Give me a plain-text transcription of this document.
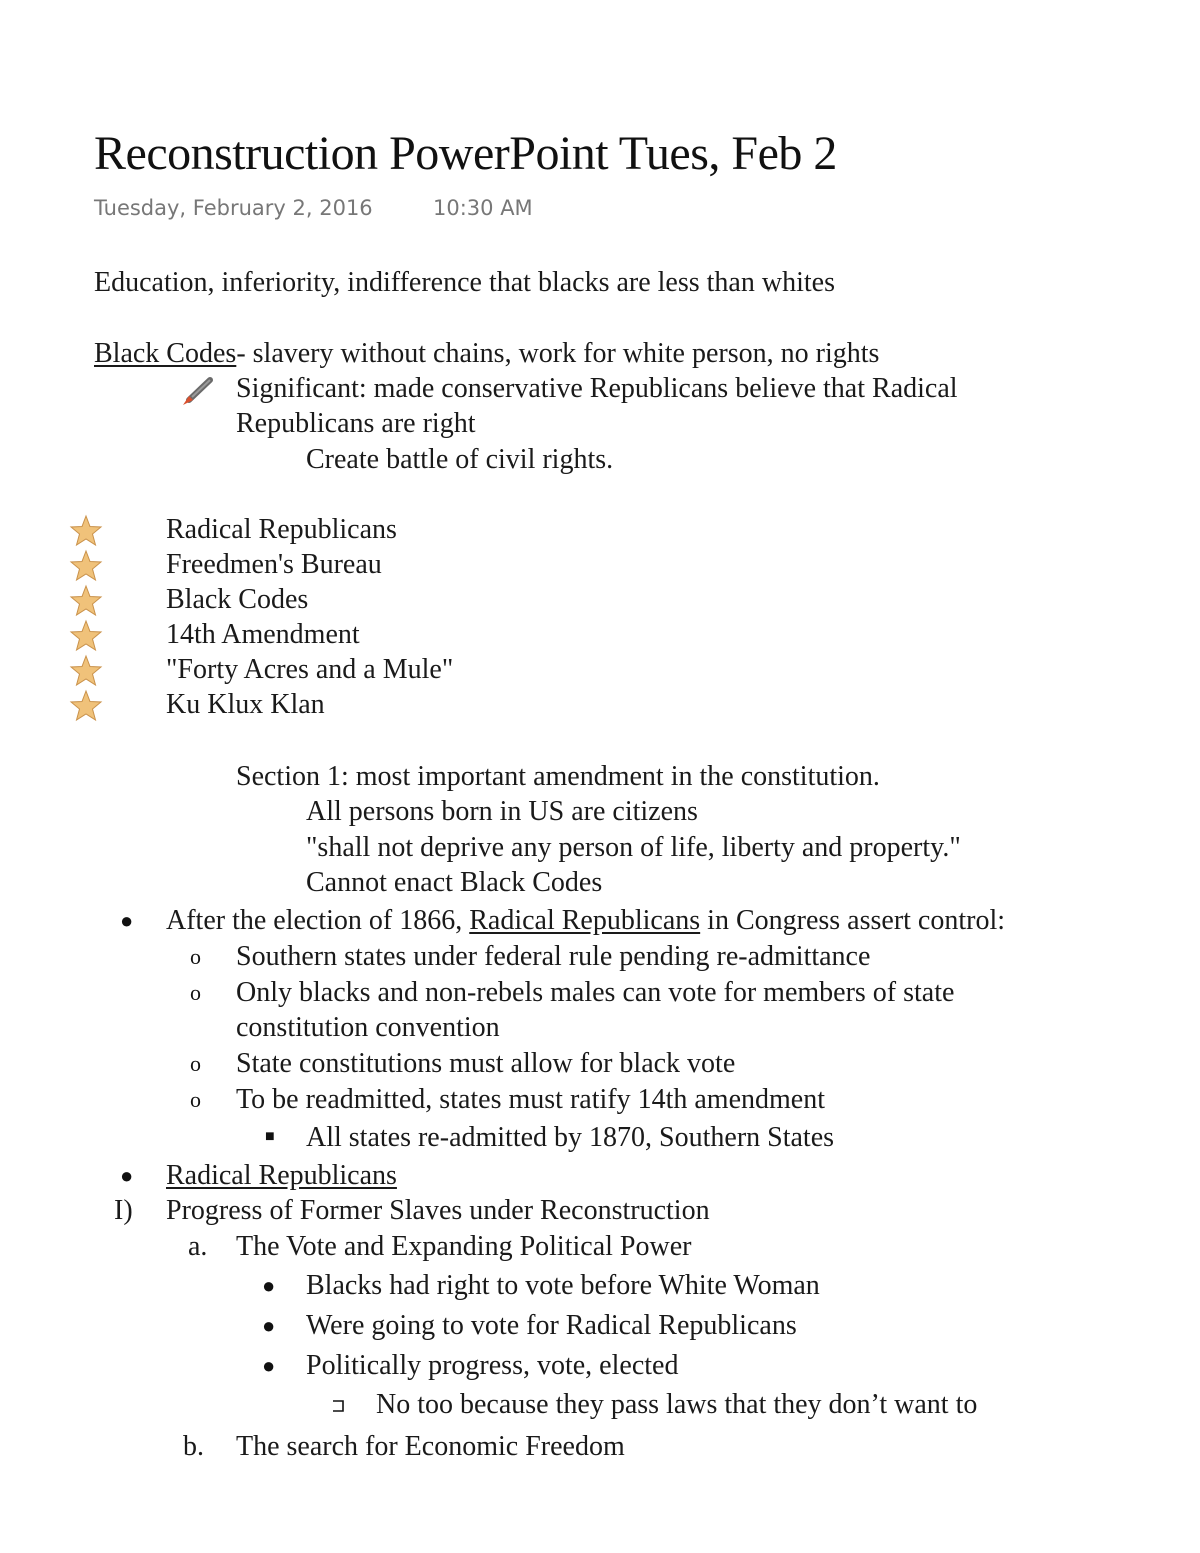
Reconstruction PowerPoint Tues, Feb 2
Tuesday, February 2, 2016	10:30 AM
Education, inferiority, indifference that blacks are less than whites
Black Codes- slavery without chains, work for white person, no rights
Significant: made conservative Republicans believe that Radical
Republicans are right
Create battle of civil rights.
Radical Republicans
Freedmen's Bureau
Black Codes
14th Amendment
"Forty Acres and a Mule"
Ku Klux Klan
Section 1: most important amendment in the constitution.
All persons born in US are citizens
"shall not deprive any person of life, liberty and property."
Cannot enact Black Codes
● After the election of 1866, Radical Republicans in Congress assert control:
o Southern states under federal rule pending re-admittance
o Only blacks and non-rebels males can vote for members of state
constitution convention
o State constitutions must allow for black vote
o To be readmitted, states must ratify 14th amendment
■ All states re-admitted by 1870, Southern States
● Radical Republicans
I) Progress of Former Slaves under Reconstruction
a. The Vote and Expanding Political Power
● Blacks had right to vote before White Woman
● Were going to vote for Radical Republicans
● Politically progress, vote, elected
No too because they pass laws that they don’t want to
b. The search for Economic Freedom
